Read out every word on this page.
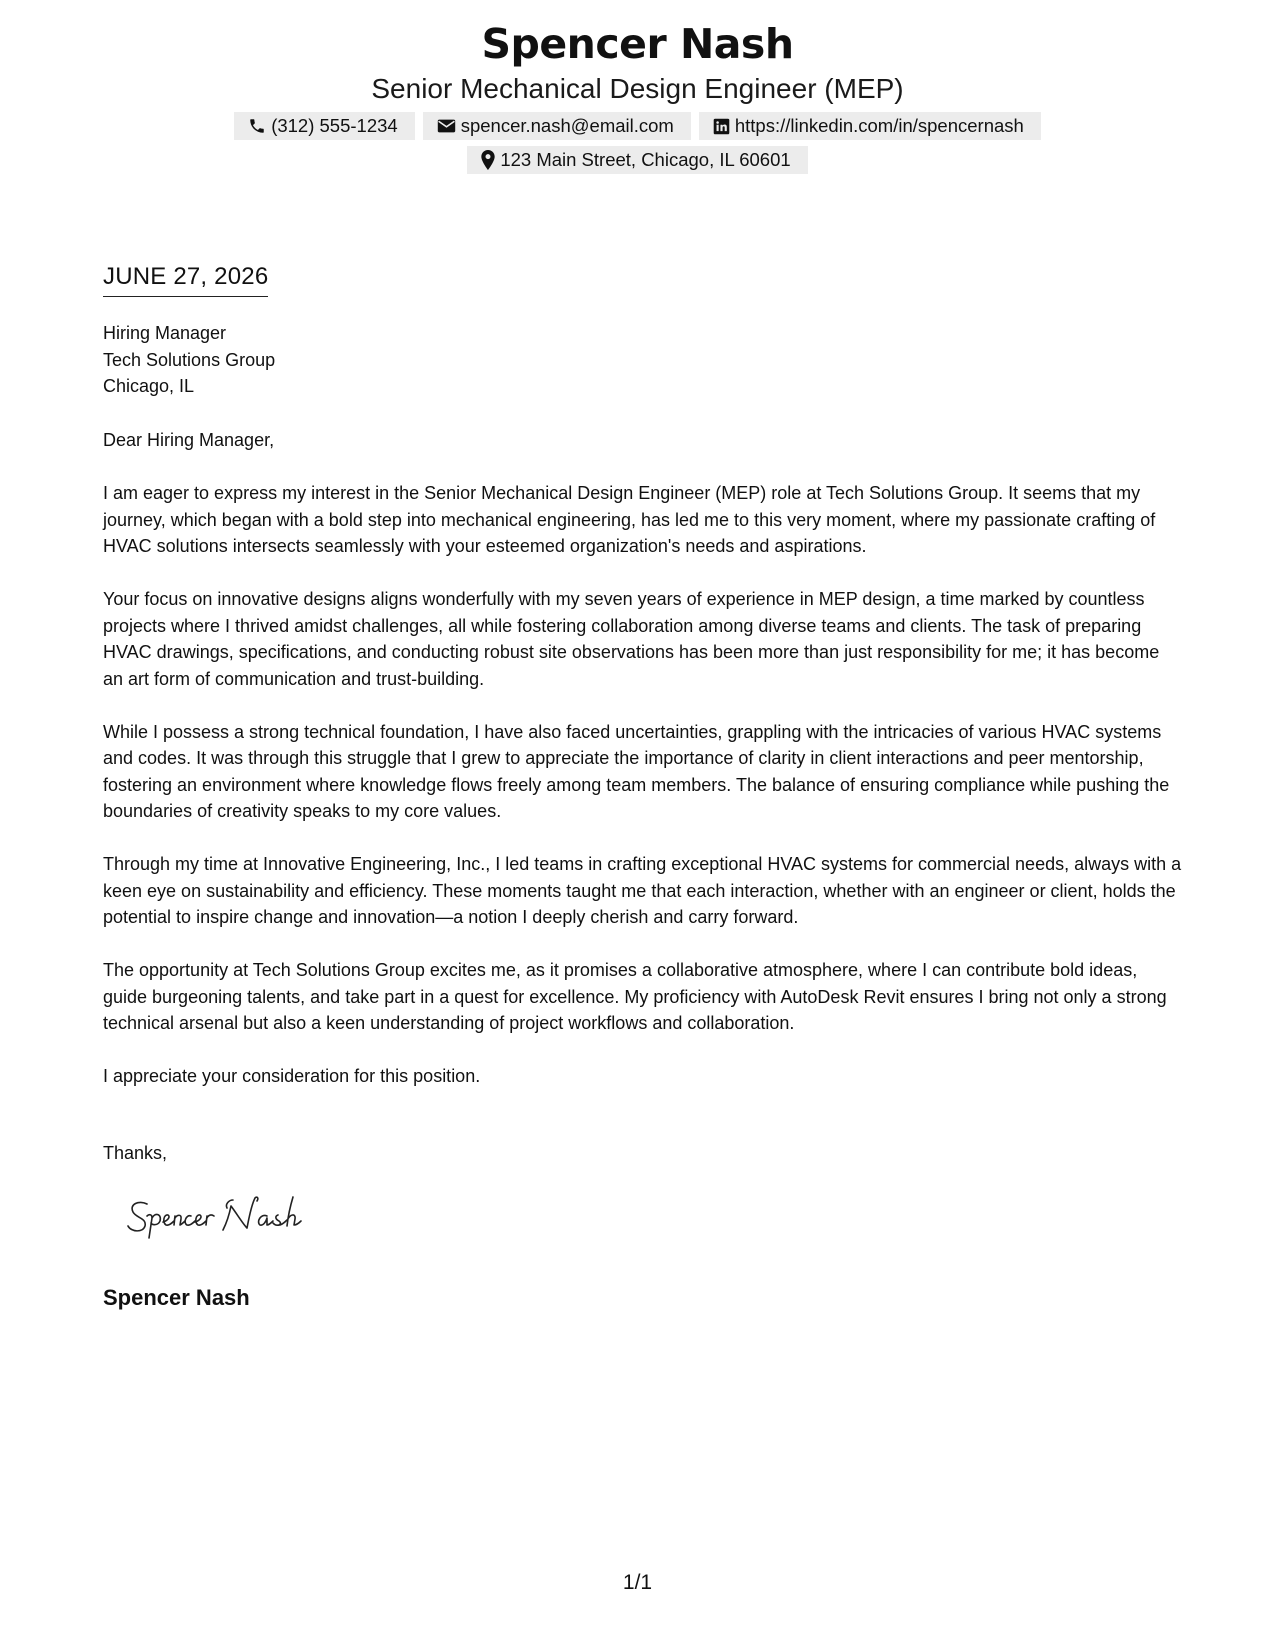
Spencer Nash
Senior Mechanical Design Engineer (MEP)
(312) 555-1234	spencer.nash@email.com	https://linkedin.com/in/spencernash
123 Main Street, Chicago, IL 60601
JUNE 27, 2026
Hiring Manager
Tech Solutions Group
Chicago, IL

Dear Hiring Manager,

I am eager to express my interest in the Senior Mechanical Design Engineer (MEP) role at Tech Solutions Group. It seems that my journey, which began with a bold step into mechanical engineering, has led me to this very moment, where my passionate crafting of HVAC solutions intersects seamlessly with your esteemed organization's needs and aspirations.

Your focus on innovative designs aligns wonderfully with my seven years of experience in MEP design, a time marked by countless projects where I thrived amidst challenges, all while fostering collaboration among diverse teams and clients. The task of preparing HVAC drawings, specifications, and conducting robust site observations has been more than just responsibility for me; it has become an art form of communication and trust-building.

While I possess a strong technical foundation, I have also faced uncertainties, grappling with the intricacies of various HVAC systems and codes. It was through this struggle that I grew to appreciate the importance of clarity in client interactions and peer mentorship, fostering an environment where knowledge flows freely among team members. The balance of ensuring compliance while pushing the boundaries of creativity speaks to my core values.

Through my time at Innovative Engineering, Inc., I led teams in crafting exceptional HVAC systems for commercial needs, always with a keen eye on sustainability and efficiency. These moments taught me that each interaction, whether with an engineer or client, holds the potential to inspire change and innovation—a notion I deeply cherish and carry forward.

The opportunity at Tech Solutions Group excites me, as it promises a collaborative atmosphere, where I can contribute bold ideas, guide burgeoning talents, and take part in a quest for excellence. My proficiency with AutoDesk Revit ensures I bring not only a strong technical arsenal but also a keen understanding of project workflows and collaboration.

I appreciate your consideration for this position.

Thanks,
Spencer Nash
1/1
